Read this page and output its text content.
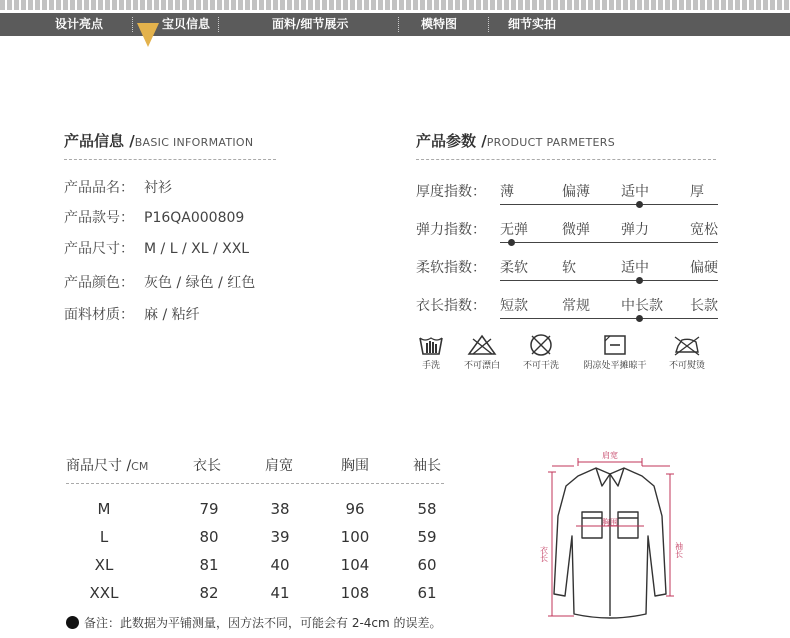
设计亮点	宝贝信息	面料/细节展示	模特图	细节实拍
产品信息 /BASIC INFORMATION
产品品名： 衬衫
产品款号： P16QA000809
产品尺寸： M / L / XL / XXL
产品颜色： 灰色 / 绿色 / 红色
面料材质： 麻 / 粘纤
产品参数 /PRODUCT PARMETERS
厚度指数： 薄	偏薄 适中	厚
弹力指数： 无弹 微弹 弹力	宽松
柔软指数： 柔软 软	适中	偏硬
衣长指数： 短款 常规 中长款 长款
手洗	不可漂白	不可干洗	阴凉处平摊晾干	不可熨烫
商品尺寸 /CM	衣长	肩宽	胸围	袖长
M	79	38	96	58
L	80	39	100	59
XL	81	40	104	60
XXL	82	41	108	61
肩宽
胸围
衣长	袖长
备注：此数据为平铺测量，因方法不同，可能会有 2-4cm 的误差。
